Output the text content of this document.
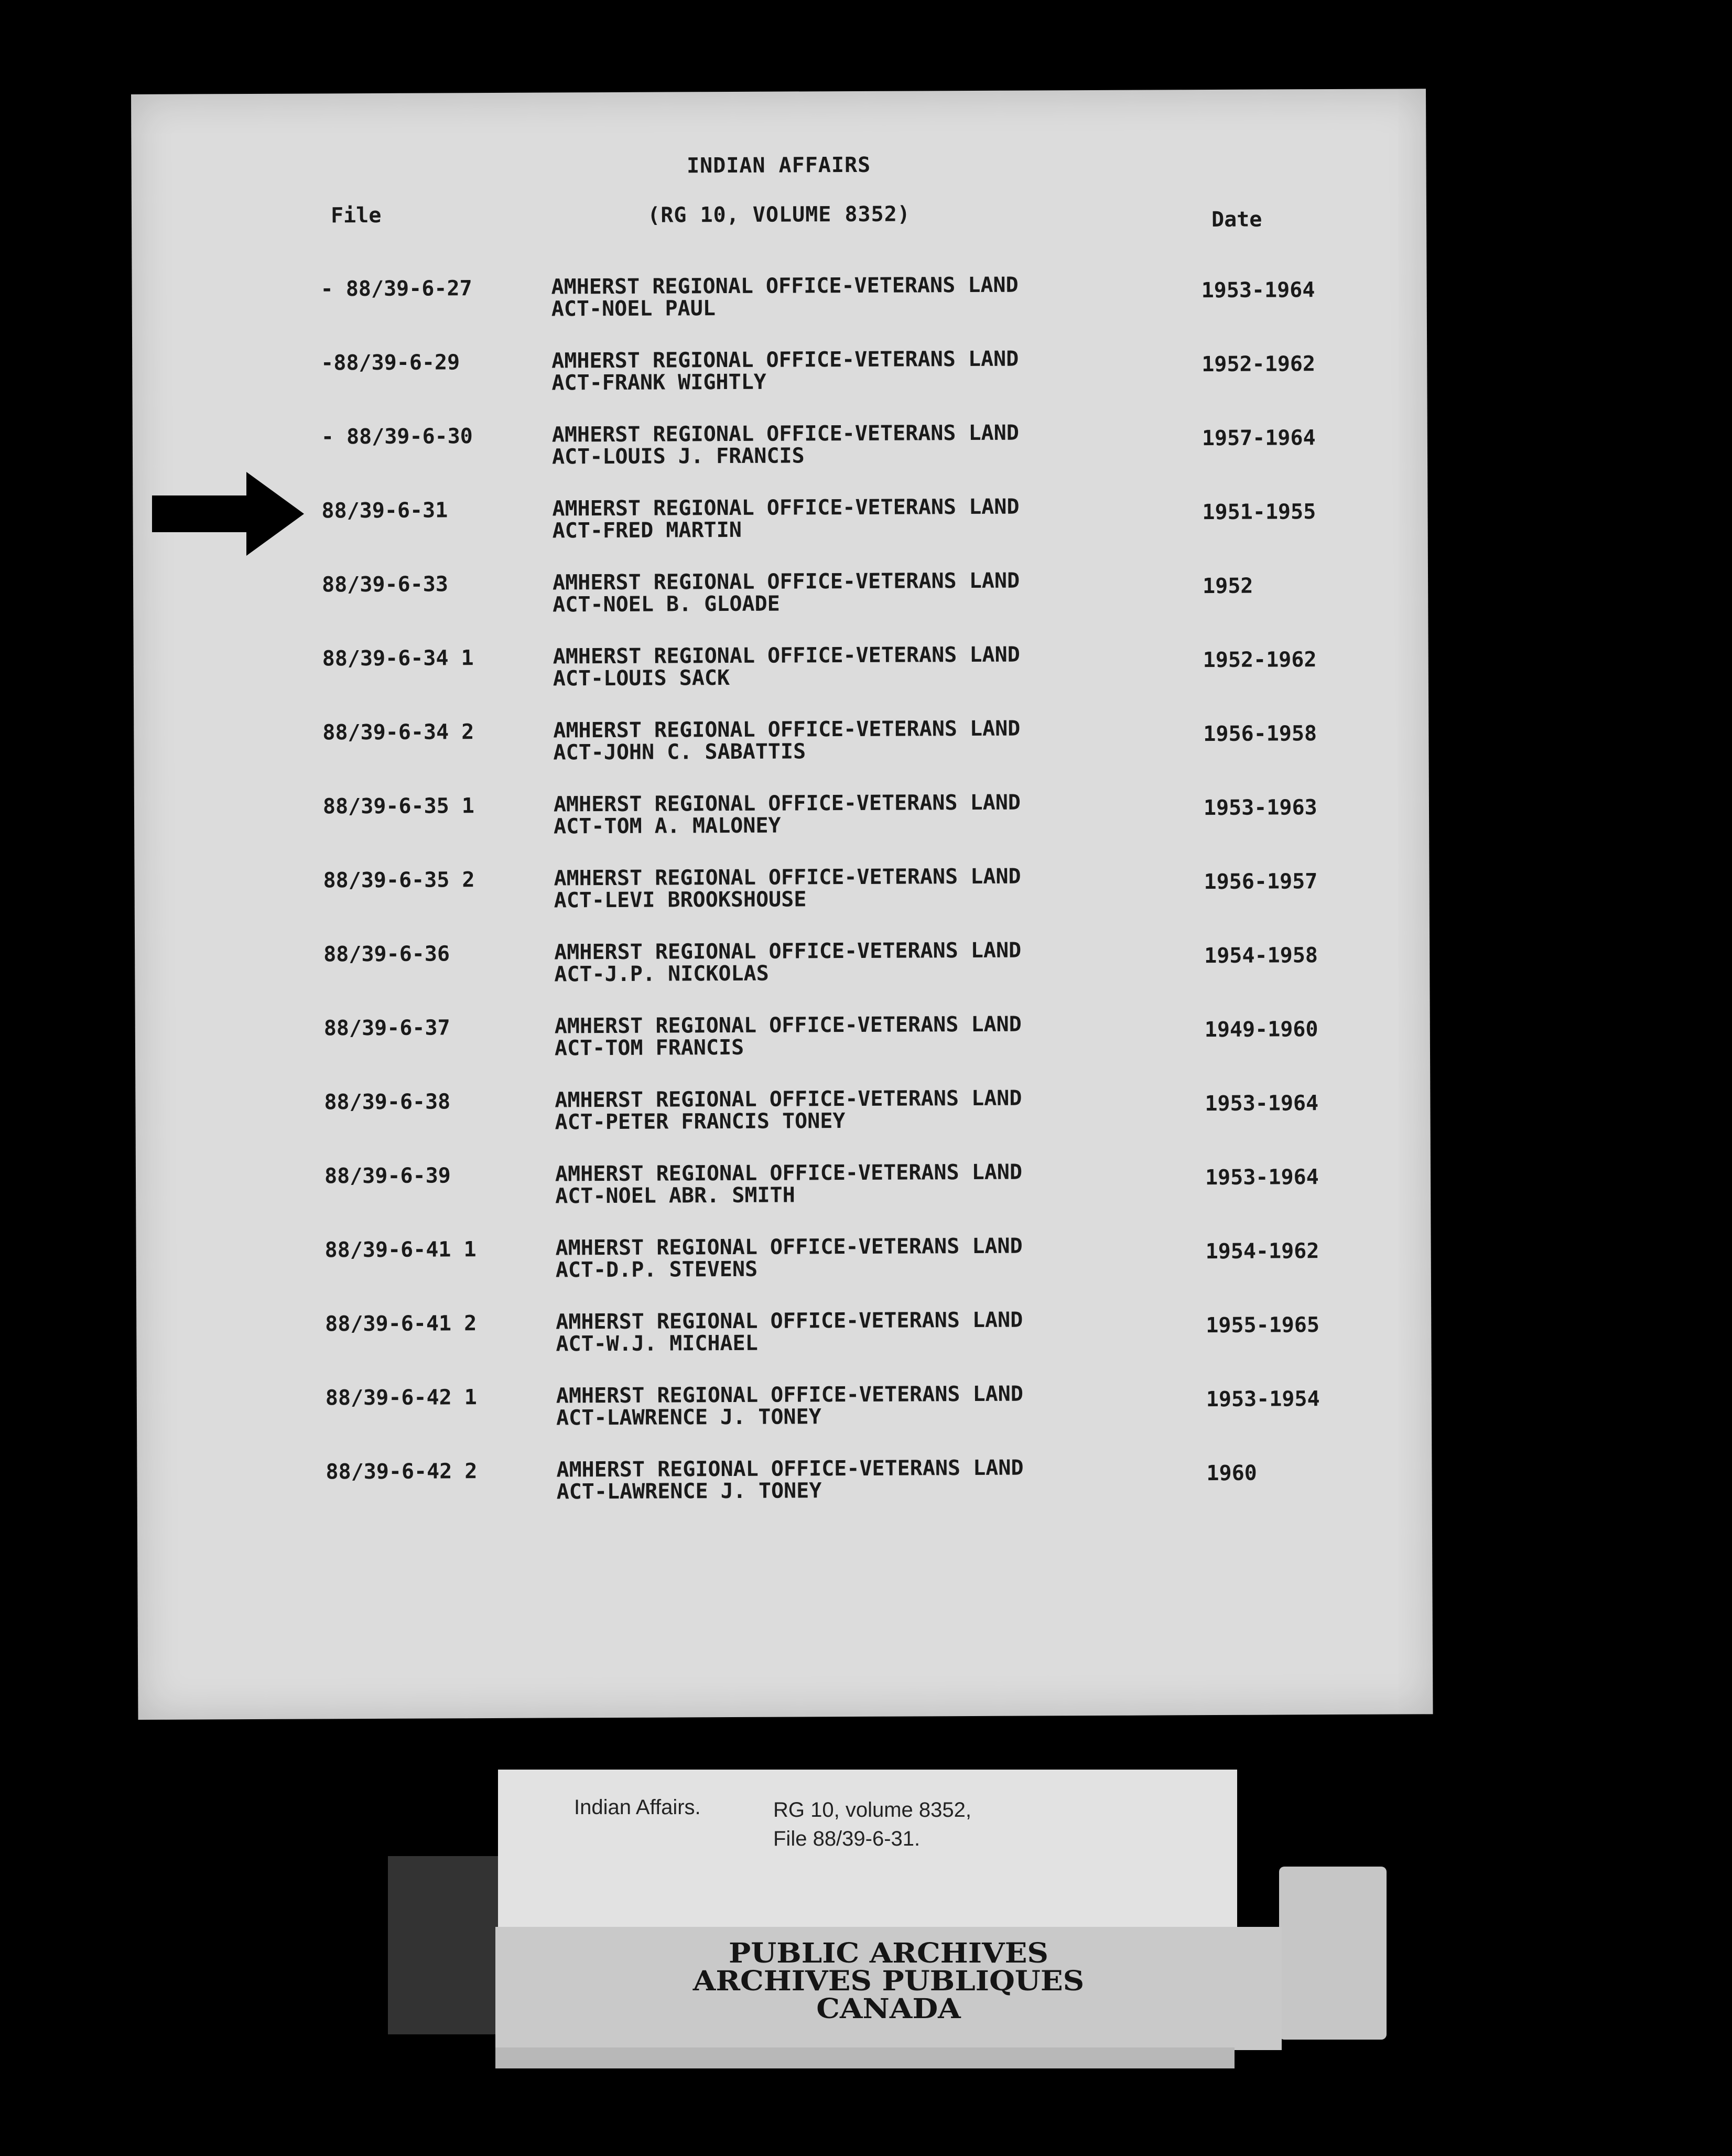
INDIAN AFFAIRS
File	(RG 10, VOLUME 8352)	Date
- 88/39-6-27	AMHERST REGIONAL OFFICE-VETERANS LAND
ACT-NOEL PAUL
1953-1964
-88/39-6-29	AMHERST REGIONAL OFFICE-VETERANS LAND
ACT-FRANK WIGHTLY
1952-1962
- 88/39-6-30	AMHERST REGIONAL OFFICE-VETERANS LAND
ACT-LOUIS J. FRANCIS
1957-1964
88/39-6-31	AMHERST REGIONAL OFFICE-VETERANS LAND
ACT-FRED MARTIN
1951-1955
88/39-6-33	AMHERST REGIONAL OFFICE-VETERANS LAND
ACT-NOEL B. GLOADE
1952
88/39-6-34 1	AMHERST REGIONAL OFFICE-VETERANS LAND
ACT-LOUIS SACK
1952-1962
88/39-6-34 2	AMHERST REGIONAL OFFICE-VETERANS LAND
ACT-JOHN C. SABATTIS
1956-1958
88/39-6-35 1	AMHERST REGIONAL OFFICE-VETERANS LAND
ACT-TOM A. MALONEY
1953-1963
88/39-6-35 2	AMHERST REGIONAL OFFICE-VETERANS LAND
ACT-LEVI BROOKSHOUSE
1956-1957
88/39-6-36	AMHERST REGIONAL OFFICE-VETERANS LAND
ACT-J.P. NICKOLAS
1954-1958
88/39-6-37	AMHERST REGIONAL OFFICE-VETERANS LAND
ACT-TOM FRANCIS
1949-1960
88/39-6-38	AMHERST REGIONAL OFFICE-VETERANS LAND
ACT-PETER FRANCIS TONEY
1953-1964
88/39-6-39	AMHERST REGIONAL OFFICE-VETERANS LAND
ACT-NOEL ABR. SMITH
1953-1964
88/39-6-41 1	AMHERST REGIONAL OFFICE-VETERANS LAND
ACT-D.P. STEVENS
1954-1962
88/39-6-41 2	AMHERST REGIONAL OFFICE-VETERANS LAND
ACT-W.J. MICHAEL
1955-1965
88/39-6-42 1	AMHERST REGIONAL OFFICE-VETERANS LAND
ACT-LAWRENCE J. TONEY
1953-1954
88/39-6-42 2	AMHERST REGIONAL OFFICE-VETERANS LAND
ACT-LAWRENCE J. TONEY
1960
Indian Affairs.	RG 10, volume 8352,
File 88/39-6-31.
PUBLIC ARCHIVES
ARCHIVES PUBLIQUES
CANADA
